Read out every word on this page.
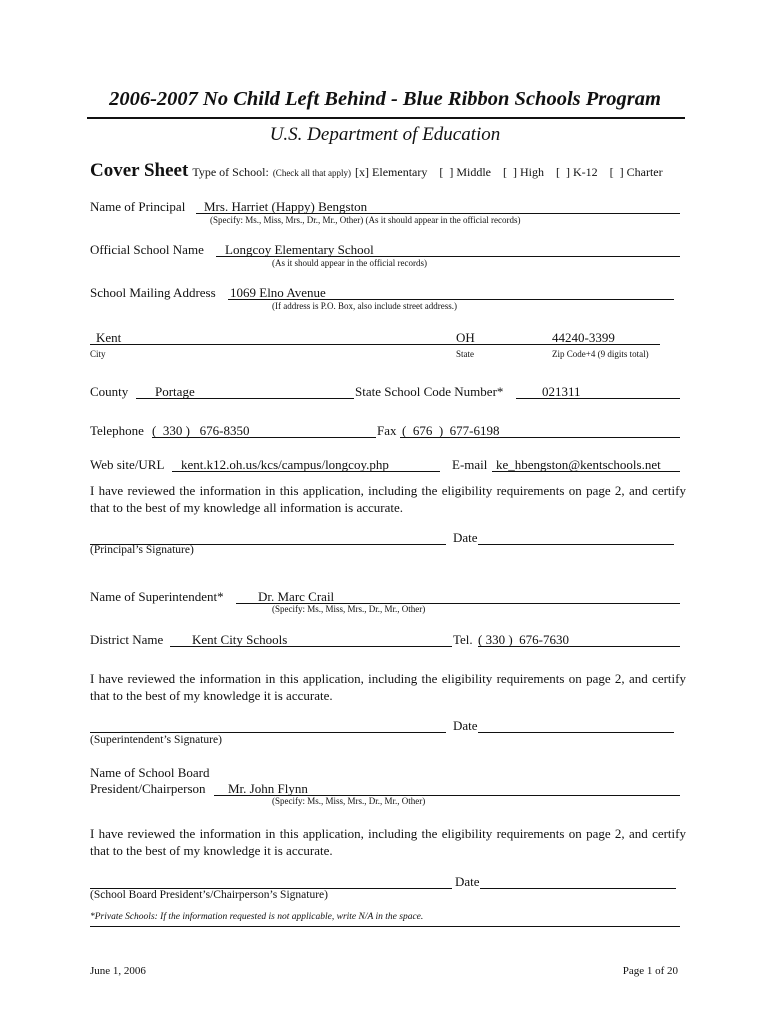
2006-2007 No Child Left Behind - Blue Ribbon Schools Program
U.S. Department of Education
Cover Sheet Type of School: (Check all that apply) [x] Elementary    [  ] Middle    [  ] High    [  ] K-12    [  ] Charter
Name of Principal Mrs. Harriet (Happy) Bengston
(Specify: Ms., Miss, Mrs., Dr., Mr., Other) (As it should appear in the official records)
Official School Name Longcoy Elementary School
(As it should appear in the official records)
School Mailing Address 1069 Elno Avenue
(If address is P.O. Box, also include street address.)
Kent	OH	44240-3399
City	State	Zip Code+4 (9 digits total)
County Portage	State School Code Number*	021311
Telephone (  330 )   676-8350	Fax (  676  )  677-6198
Web site/URL kent.k12.oh.us/kcs/campus/longcoy.php	E-mail ke_hbengston@kentschools.net
I have reviewed the information in this application, including the eligibility requirements on page 2, and certify that to the best of my knowledge all information is accurate.
Date
(Principal’s Signature)
Name of Superintendent*	Dr. Marc Crail
(Specify: Ms., Miss, Mrs., Dr., Mr., Other)
District Name Kent City Schools	Tel. ( 330 )  676-7630
I have reviewed the information in this application, including the eligibility requirements on page 2, and certify that to the best of my knowledge it is accurate.
Date
(Superintendent’s Signature)
Name of School Board
President/Chairperson Mr. John Flynn
(Specify: Ms., Miss, Mrs., Dr., Mr., Other)
I have reviewed the information in this application, including the eligibility requirements on page 2, and certify that to the best of my knowledge it is accurate.
Date
(School Board President’s/Chairperson’s Signature)
*Private Schools: If the information requested is not applicable, write N/A in the space.
June 1, 2006	Page 1 of 20
